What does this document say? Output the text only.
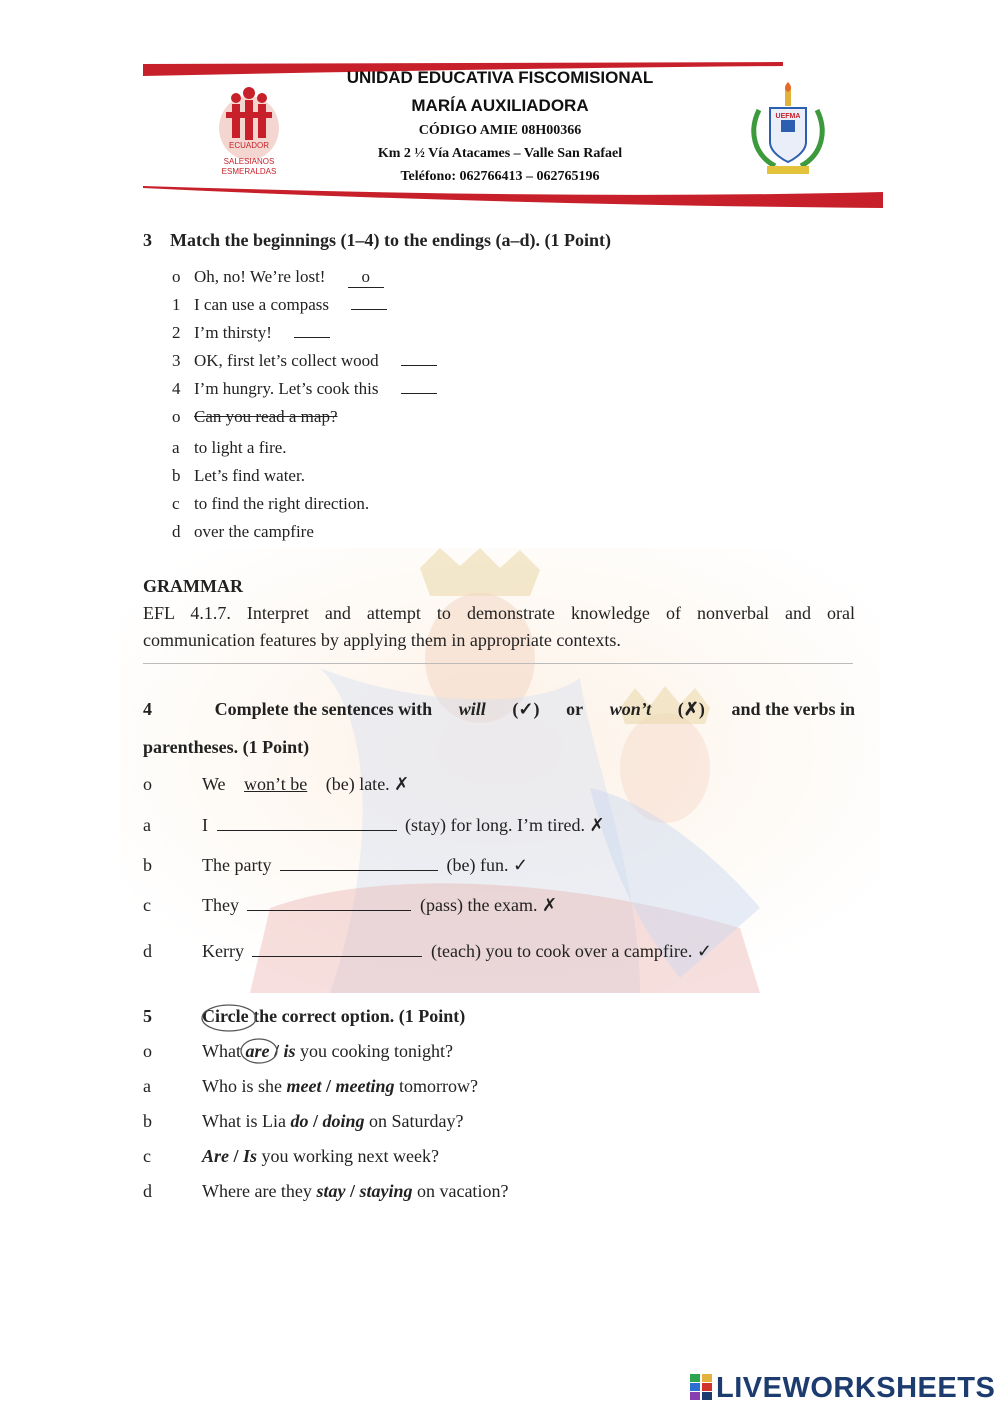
UNIDAD EDUCATIVA FISCOMISIONAL
MARÍA AUXILIADORA
CÓDIGO AMIE 08H00366
Km 2 ½ Vía Atacames – Valle San Rafael
Teléfono: 062766413 – 062765196
ECUADOR
SALESIANOS
ESMERALDAS
UEFMA
3 Match the beginnings (1–4) to the endings (a–d). (1 Point)
o Oh, no! We’re lost! o
1 I can use a compass
2 I’m thirsty!
3 OK, first let’s collect wood
4 I’m hungry. Let’s cook this
o Can you read a map?
a to light a fire.
b Let’s find water.
c to find the right direction.
d over the campfire
GRAMMAR
EFL 4.1.7. Interpret and attempt to demonstrate knowledge of nonverbal and oral
communication features by applying them in appropriate contexts.
4	Complete the sentences with will (✓) or won’t (✗) and the verbs in
parentheses. (1 Point)
o	We won’t be (be) late. ✗
a	I	(stay) for long. I’m tired. ✗
b	The party	(be) fun. ✓
c	They	(pass) the exam. ✗
d	Kerry	(teach) you to cook over a campfire. ✓
5	Circle the correct option. (1 Point)
o	What are / is you cooking tonight?
a	Who is she meet / meeting tomorrow?
b	What is Lia do / doing on Saturday?
c	Are / Is you working next week?
d	Where are they stay / staying on vacation?
LIVEWORKSHEETS
